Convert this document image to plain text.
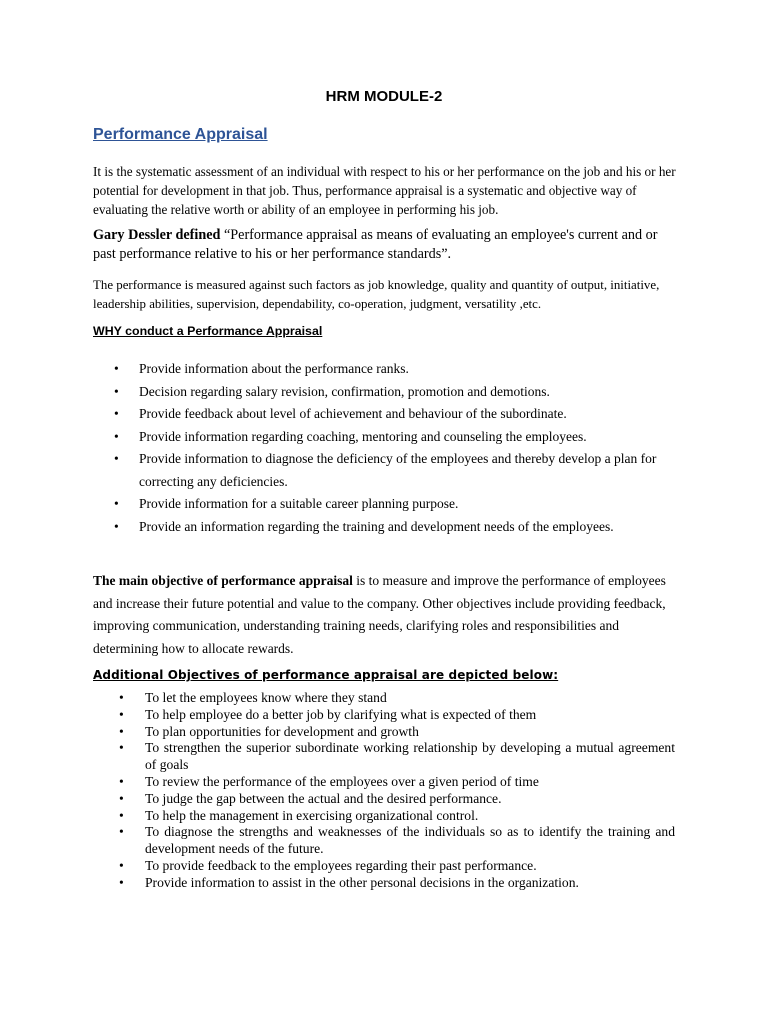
HRM MODULE-2
Performance Appraisal
It is the systematic assessment of an individual with respect to his or her performance on the job and his or her potential for development in that job. Thus, performance appraisal is a systematic and objective way of evaluating the relative worth or ability of an employee in performing his job.
Gary Dessler defined “Performance appraisal as means of evaluating an employee's current and or past performance relative to his or her performance standards”.
The performance is measured against such factors as job knowledge, quality and quantity of output, initiative, leadership abilities, supervision, dependability, co-operation, judgment, versatility ,etc.
WHY conduct a Performance Appraisal
• Provide information about the performance ranks.
• Decision regarding salary revision, confirmation, promotion and demotions.
• Provide feedback about level of achievement and behaviour of the subordinate.
• Provide information regarding coaching, mentoring and counseling the employees.
• Provide information to diagnose the deficiency of the employees and thereby develop a plan for correcting any deficiencies.
• Provide information for a suitable career planning purpose.
• Provide an information regarding the training and development needs of the employees.
The main objective of performance appraisal is to measure and improve the performance of employees and increase their future potential and value to the company. Other objectives include providing feedback, improving communication, understanding training needs, clarifying roles and responsibilities and determining how to allocate rewards.
Additional Objectives of performance appraisal are depicted below:
• To let the employees know where they stand
• To help employee do a better job by clarifying what is expected of them
• To plan opportunities for development and growth
• To strengthen the superior subordinate working relationship by developing a mutual agreement of goals
• To review the performance of the employees over a given period of time
• To judge the gap between the actual and the desired performance.
• To help the management in exercising organizational control.
• To diagnose the strengths and weaknesses of the individuals so as to identify the training and development needs of the future.
• To provide feedback to the employees regarding their past performance.
• Provide information to assist in the other personal decisions in the organization.
